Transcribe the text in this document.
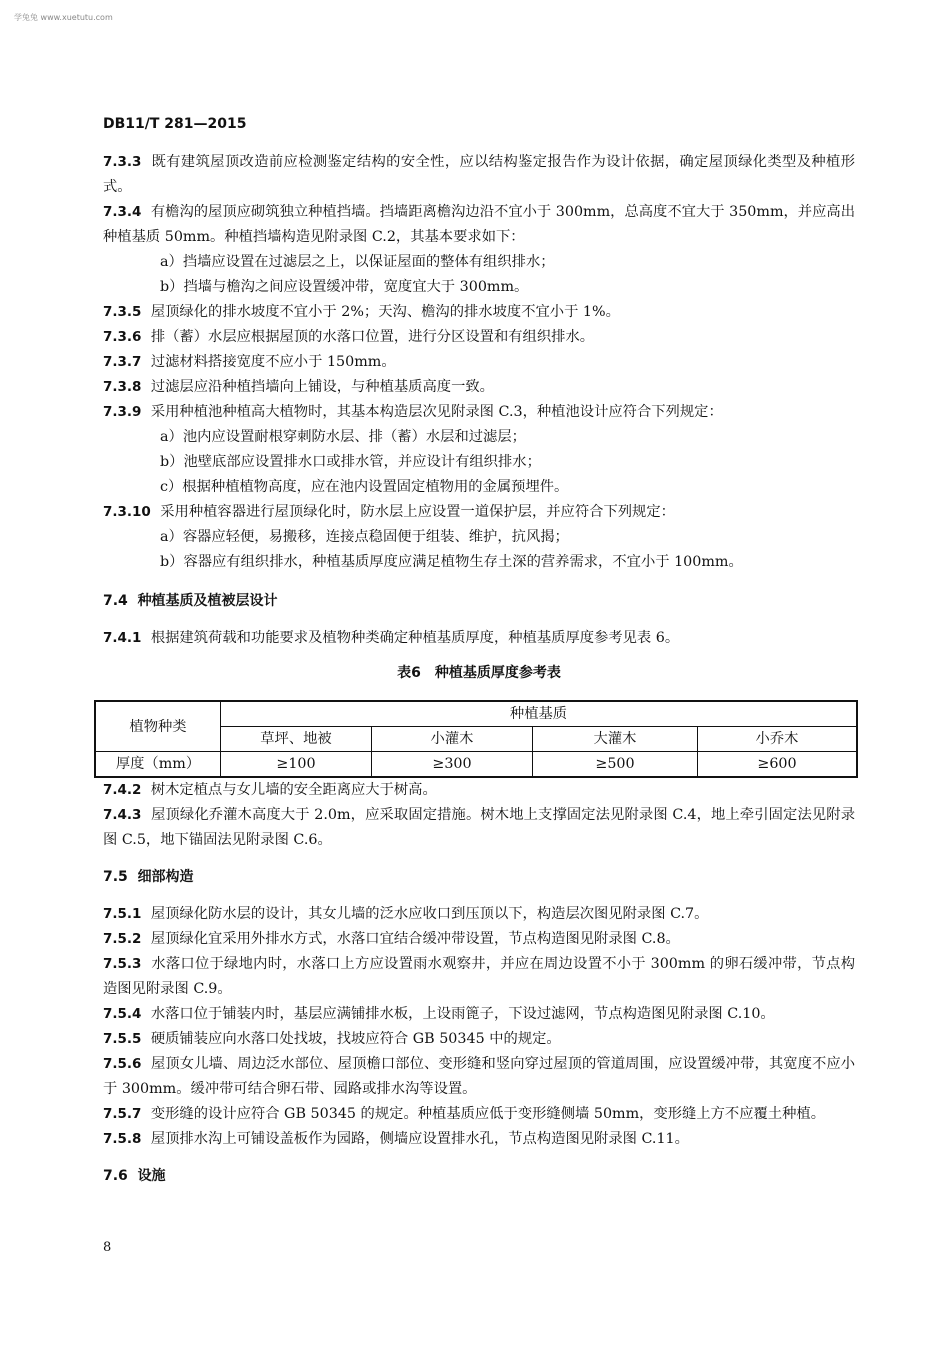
学兔兔 www.xuetutu.com
DB11/T 281—2015

7.3.3 既有建筑屋顶改造前应检测鉴定结构的安全性，应以结构鉴定报告作为设计依据，确定屋顶绿化类型及种植形式。

7.3.4 有檐沟的屋顶应砌筑独立种植挡墙。挡墙距离檐沟边沿不宜小于 300mm，总高度不宜大于 350mm，并应高出种植基质 50mm。种植挡墙构造见附录图 C.2，其基本要求如下：

a）挡墙应设置在过滤层之上，以保证屋面的整体有组织排水；

b）挡墙与檐沟之间应设置缓冲带，宽度宜大于 300mm。

7.3.5 屋顶绿化的排水坡度不宜小于 2%；天沟、檐沟的排水坡度不宜小于 1%。

7.3.6 排（蓄）水层应根据屋顶的水落口位置，进行分区设置和有组织排水。

7.3.7 过滤材料搭接宽度不应小于 150mm。

7.3.8 过滤层应沿种植挡墙向上铺设，与种植基质高度一致。

7.3.9 采用种植池种植高大植物时，其基本构造层次见附录图 C.3，种植池设计应符合下列规定：

a）池内应设置耐根穿刺防水层、排（蓄）水层和过滤层；

b）池壁底部应设置排水口或排水管，并应设计有组织排水；

c）根据种植植物高度，应在池内设置固定植物用的金属预埋件。

7.3.10 采用种植容器进行屋顶绿化时，防水层上应设置一道保护层，并应符合下列规定：

a）容器应轻便，易搬移，连接点稳固便于组装、维护，抗风揭；

b）容器应有组织排水，种植基质厚度应满足植物生存土深的营养需求，不宜小于 100mm。

7.4 种植基质及植被层设计

7.4.1 根据建筑荷载和功能要求及植物种类确定种植基质厚度，种植基质厚度参考见表 6。

表6　种植基质厚度参考表
植物种类	种植基质			
	草坪、地被	小灌木	大灌木	小乔木
厚度（mm）	≥100	≥300	≥500	≥600

7.4.2 树木定植点与女儿墙的安全距离应大于树高。

7.4.3 屋顶绿化乔灌木高度大于 2.0m，应采取固定措施。树木地上支撑固定法见附录图 C.4，地上牵引固定法见附录图 C.5，地下锚固法见附录图 C.6。

7.5 细部构造

7.5.1 屋顶绿化防水层的设计，其女儿墙的泛水应收口到压顶以下，构造层次图见附录图 C.7。

7.5.2 屋顶绿化宜采用外排水方式，水落口宜结合缓冲带设置，节点构造图见附录图 C.8。

7.5.3 水落口位于绿地内时，水落口上方应设置雨水观察井，并应在周边设置不小于 300mm 的卵石缓冲带，节点构造图见附录图 C.9。

7.5.4 水落口位于铺装内时，基层应满铺排水板，上设雨篦子，下设过滤网，节点构造图见附录图 C.10。

7.5.5 硬质铺装应向水落口处找坡，找坡应符合 GB 50345 中的规定。

7.5.6 屋顶女儿墙、周边泛水部位、屋顶檐口部位、变形缝和竖向穿过屋顶的管道周围，应设置缓冲带，其宽度不应小于 300mm。缓冲带可结合卵石带、园路或排水沟等设置。

7.5.7 变形缝的设计应符合 GB 50345 的规定。种植基质应低于变形缝侧墙 50mm，变形缝上方不应覆土种植。

7.5.8 屋顶排水沟上可铺设盖板作为园路，侧墙应设置排水孔，节点构造图见附录图 C.11。

7.6 设施
8
